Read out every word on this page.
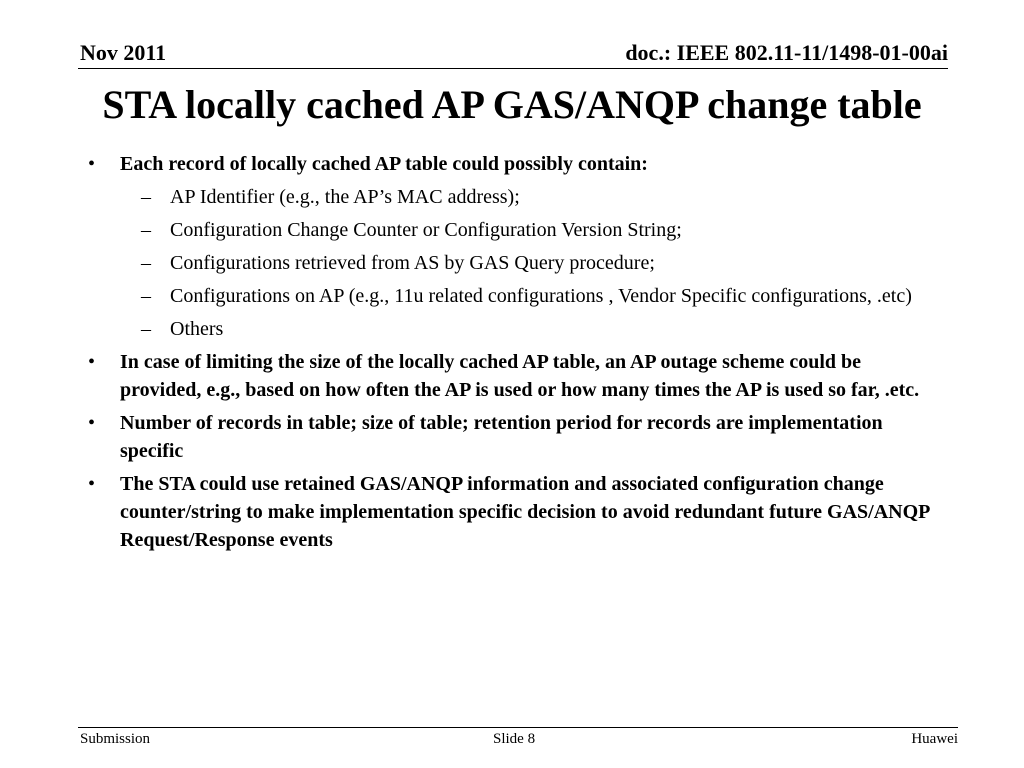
Nov 2011	doc.: IEEE 802.11-11/1498-01-00ai
STA locally cached AP GAS/ANQP change table
• Each record of locally cached AP table could possibly contain:
– AP Identifier (e.g., the AP’s MAC address);
– Configuration Change Counter or Configuration Version String;
– Configurations retrieved from AS by GAS Query procedure;
– Configurations on AP (e.g., 11u related configurations , Vendor Specific configurations, .etc)
– Others
• In case of limiting the size of the locally cached AP table, an AP outage scheme could be provided, e.g., based on how often the AP is used or how many times the AP is used so far, .etc.
• Number of records in table; size of table; retention period for records are implementation specific
• The STA could use retained GAS/ANQP information and associated configuration change counter/string to make implementation specific decision to avoid redundant future GAS/ANQP Request/Response events
Submission	Slide 8	Huawei
